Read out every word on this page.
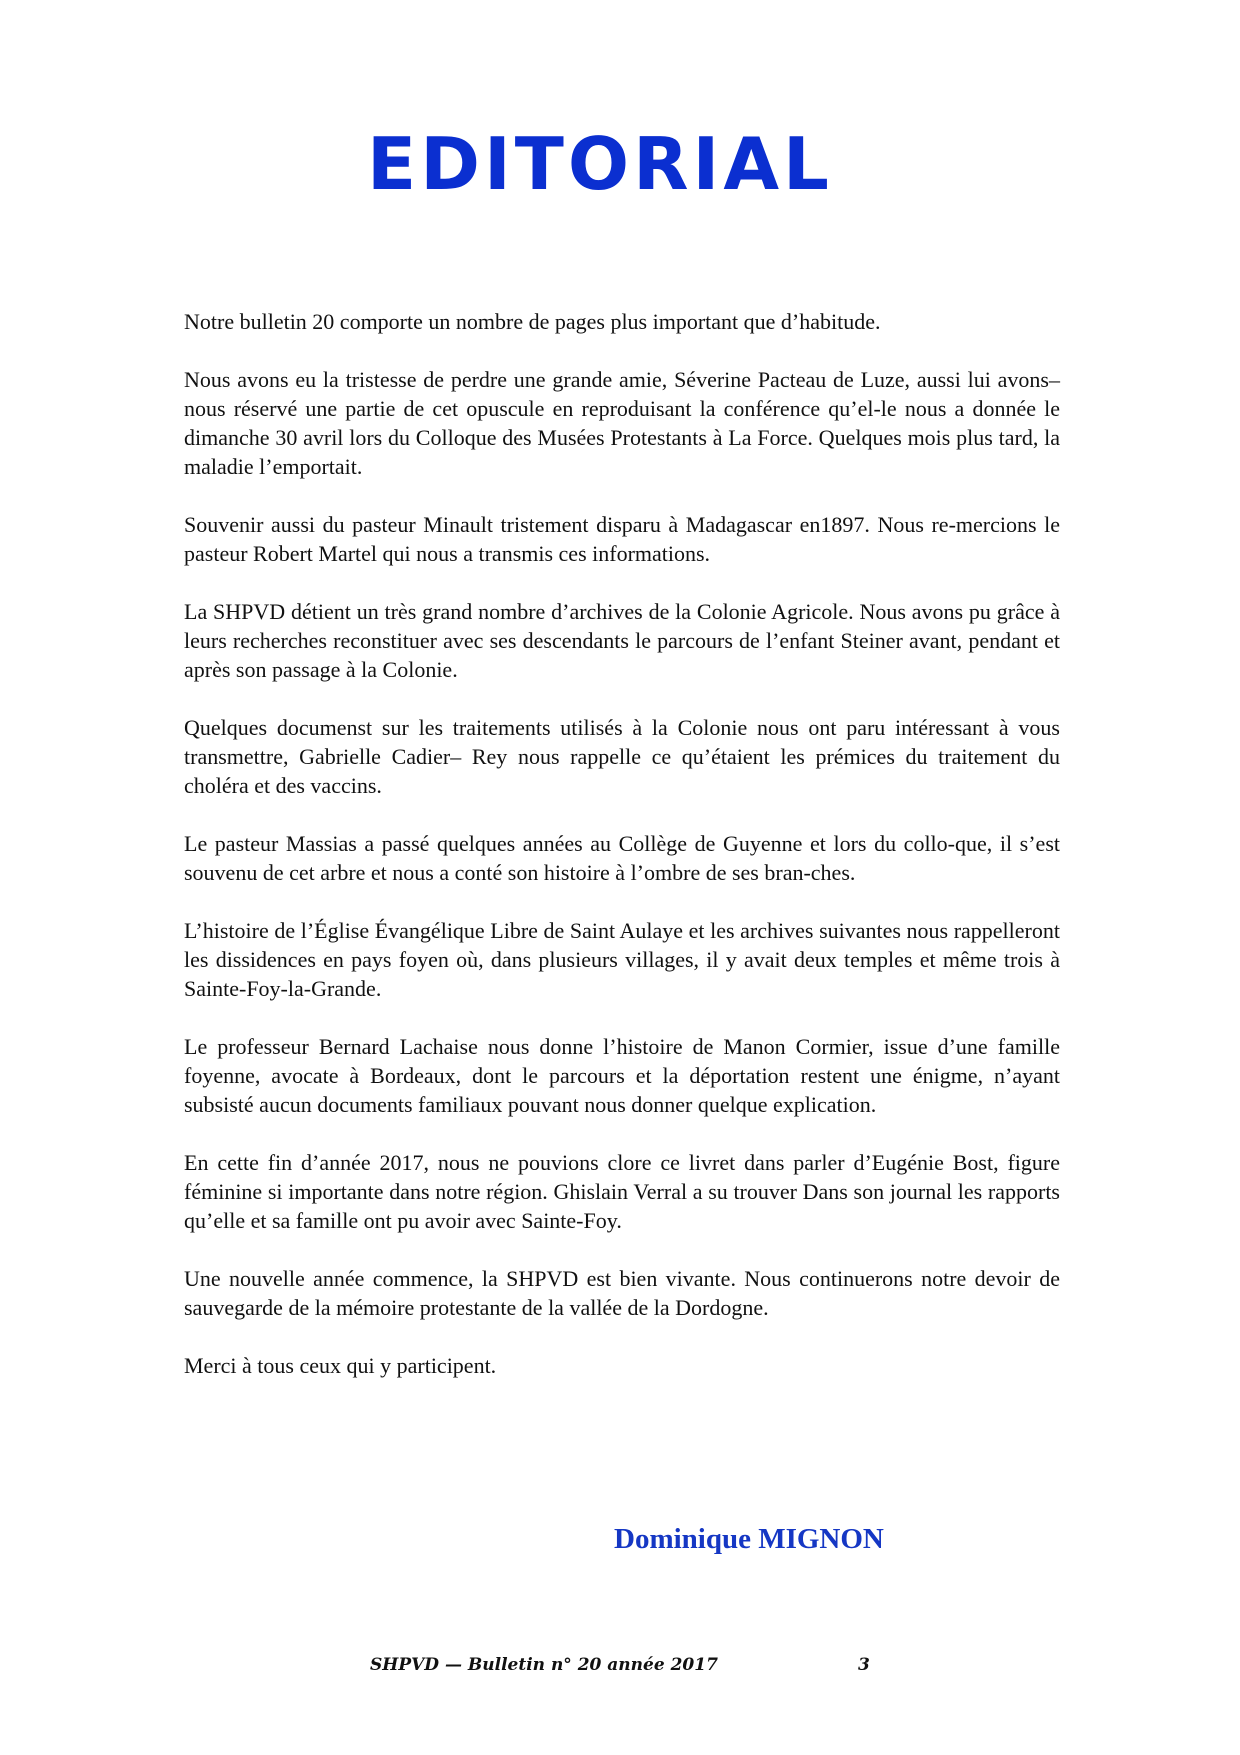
EDITORIAL

Notre bulletin 20 comporte un nombre de pages plus important que d’habitude.

Nous avons eu la tristesse de perdre une grande amie, Séverine Pacteau de Luze, aussi lui avons– nous réservé une partie de cet opuscule en reproduisant la conférence qu’el-le nous a donnée le dimanche 30 avril lors du Colloque des Musées Protestants à La Force. Quelques mois plus tard, la maladie l’emportait.

Souvenir aussi du pasteur Minault tristement disparu à Madagascar en1897. Nous re-mercions le pasteur Robert Martel qui nous a transmis ces informations.

La SHPVD détient un très grand nombre d’archives de la Colonie Agricole. Nous avons pu grâce à leurs recherches reconstituer avec ses descendants le parcours de l’enfant Steiner avant, pendant et après son passage à la Colonie.

Quelques documenst sur les traitements utilisés à la Colonie nous ont paru intéressant à vous transmettre, Gabrielle Cadier– Rey nous rappelle ce qu’étaient les prémices du traitement du choléra et des vaccins.

Le pasteur Massias a passé quelques années au Collège de Guyenne et lors du collo-que, il s’est souvenu de cet arbre et nous a conté son histoire à l’ombre de ses bran-ches.

L’histoire de l’Église Évangélique Libre de Saint Aulaye et les archives suivantes nous rappelleront les dissidences en pays foyen où, dans plusieurs villages, il y avait deux temples et même trois à Sainte-Foy-la-Grande.

Le professeur Bernard Lachaise nous donne l’histoire de Manon Cormier, issue d’une famille foyenne, avocate à Bordeaux, dont le parcours et la déportation restent une énigme, n’ayant subsisté aucun documents familiaux pouvant nous donner quelque explication.

En cette fin d’année 2017, nous ne pouvions clore ce livret dans parler d’Eugénie Bost, figure féminine si importante dans notre région. Ghislain Verral a su trouver Dans son journal les rapports qu’elle et sa famille ont pu avoir avec Sainte-Foy.

Une nouvelle année commence, la SHPVD est bien vivante. Nous continuerons notre devoir de sauvegarde de la mémoire protestante de la vallée de la Dordogne.

Merci à tous ceux qui y participent.

Dominique MIGNON
SHPVD — Bulletin n° 20 année 2017	3
